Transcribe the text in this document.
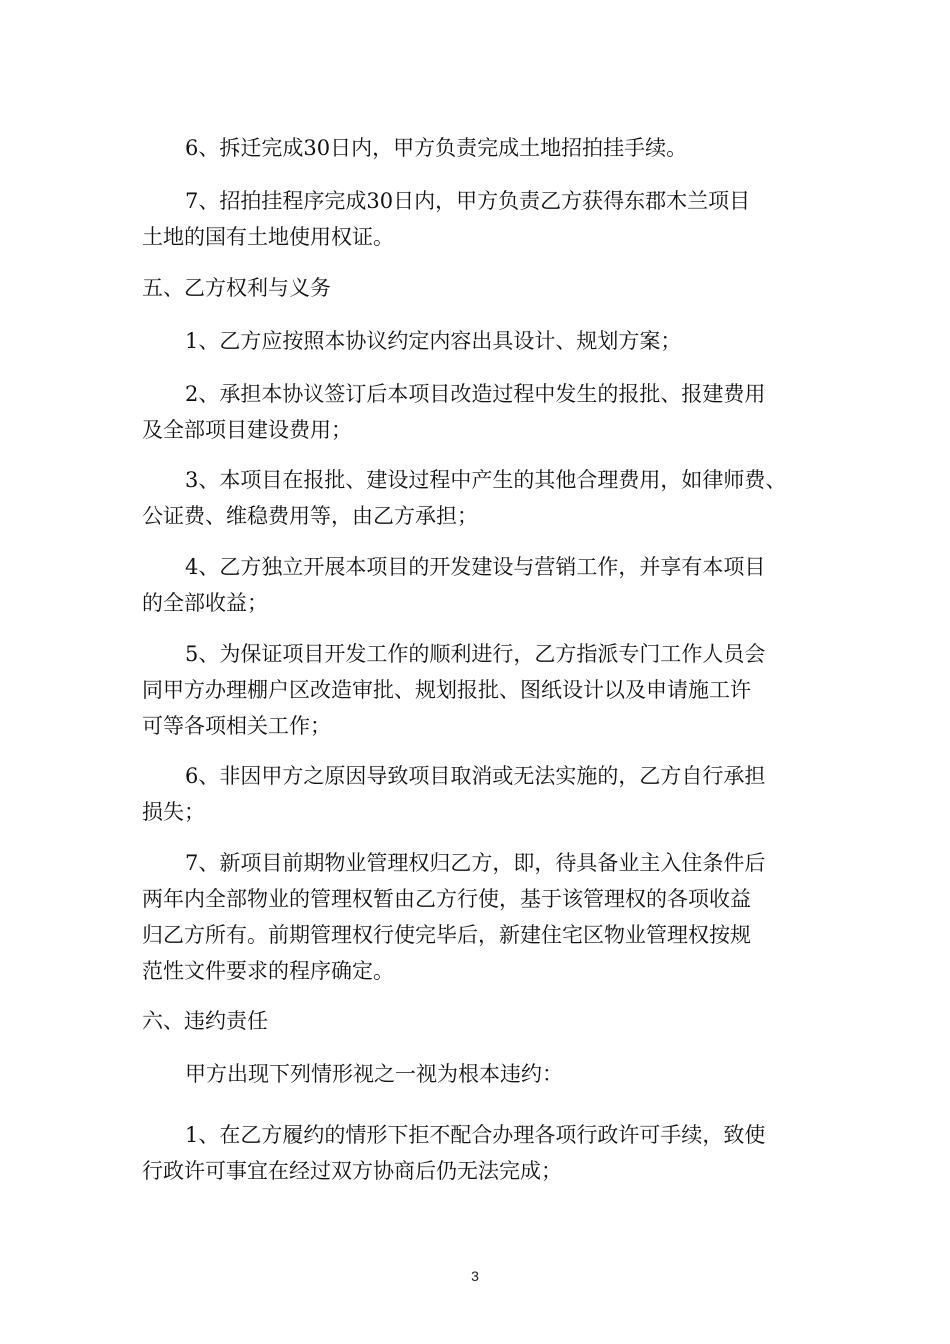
6、拆迁完成30日内，甲方负责完成土地招拍挂手续。

7、招拍挂程序完成30日内，甲方负责乙方获得东郡木兰项目
土地的国有土地使用权证。

五、乙方权利与义务

1、乙方应按照本协议约定内容出具设计、规划方案；

2、承担本协议签订后本项目改造过程中发生的报批、报建费用
及全部项目建设费用；

3、本项目在报批、建设过程中产生的其他合理费用，如律师费、
公证费、维稳费用等，由乙方承担；

4、乙方独立开展本项目的开发建设与营销工作，并享有本项目
的全部收益；

5、为保证项目开发工作的顺利进行，乙方指派专门工作人员会
同甲方办理棚户区改造审批、规划报批、图纸设计以及申请施工许
可等各项相关工作；

6、非因甲方之原因导致项目取消或无法实施的，乙方自行承担
损失；

7、新项目前期物业管理权归乙方，即，待具备业主入住条件后
两年内全部物业的管理权暂由乙方行使，基于该管理权的各项收益
归乙方所有。前期管理权行使完毕后，新建住宅区物业管理权按规
范性文件要求的程序确定。

六、违约责任

甲方出现下列情形视之一视为根本违约：

1、在乙方履约的情形下拒不配合办理各项行政许可手续，致使
行政许可事宜在经过双方协商后仍无法完成；

3
